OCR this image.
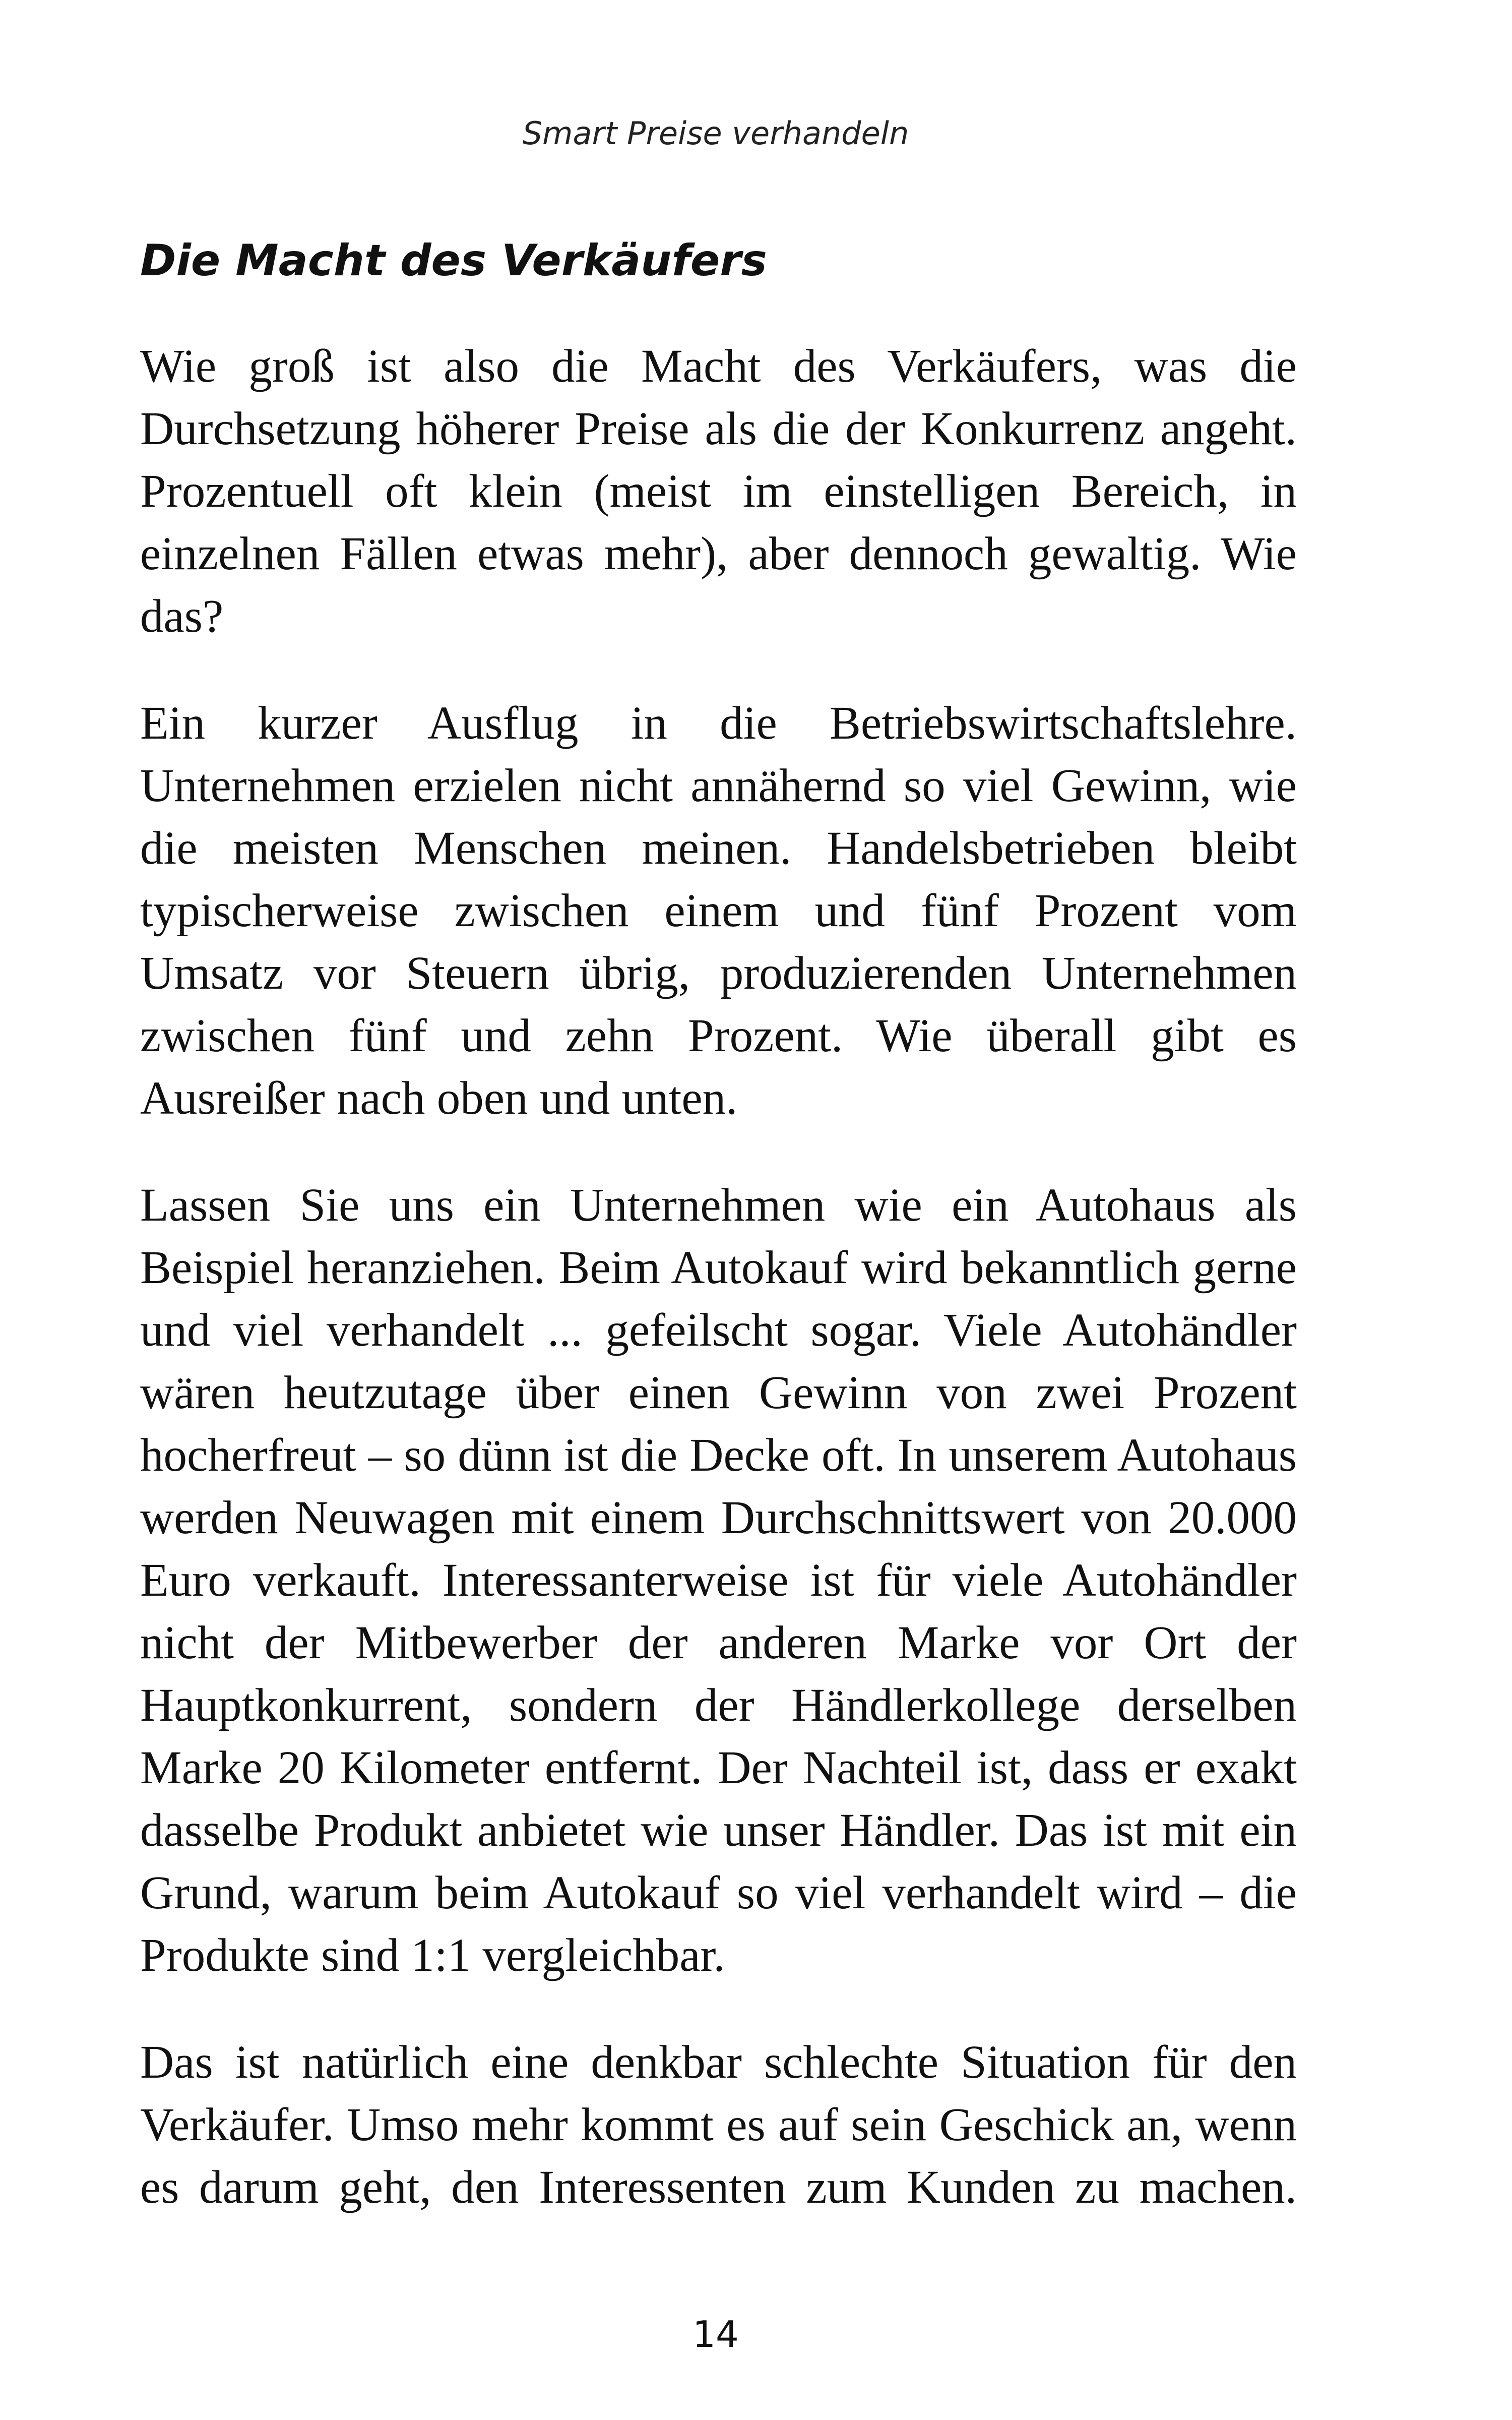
Smart Preise verhandeln
Die Macht des Verkäufers

Wie groß ist also die Macht des Verkäufers, was die Durchsetzung höherer Preise als die der Konkurrenz angeht. Prozentuell oft klein (meist im einstelligen Bereich, in einzelnen Fällen etwas mehr), aber dennoch gewaltig. Wie das?

Ein kurzer Ausflug in die Betriebswirtschaftslehre. Unternehmen erzielen nicht annähernd so viel Gewinn, wie die meisten Menschen meinen. Handelsbetrieben bleibt typischerweise zwischen einem und fünf Prozent vom Umsatz vor Steuern übrig, produzierenden Unternehmen zwischen fünf und zehn Prozent. Wie überall gibt es Ausreißer nach oben und unten.

Lassen Sie uns ein Unternehmen wie ein Autohaus als Beispiel heranziehen. Beim Autokauf wird bekanntlich gerne und viel verhandelt ... gefeilscht sogar. Viele Autohändler wären heutzutage über einen Gewinn von zwei Prozent hocherfreut – so dünn ist die Decke oft. In unserem Autohaus werden Neuwagen mit einem Durchschnittswert von 20.000 Euro verkauft. Interessanterweise ist für viele Autohändler nicht der Mitbewerber der anderen Marke vor Ort der Hauptkonkurrent, sondern der Händlerkollege derselben Marke 20 Kilometer entfernt. Der Nachteil ist, dass er exakt dasselbe Produkt anbietet wie unser Händler. Das ist mit ein Grund, warum beim Autokauf so viel verhandelt wird – die Produkte sind 1:1 vergleichbar.

Das ist natürlich eine denkbar schlechte Situation für den Verkäufer. Umso mehr kommt es auf sein Geschick an, wenn es darum geht, den Interessenten zum Kunden zu machen.

14
